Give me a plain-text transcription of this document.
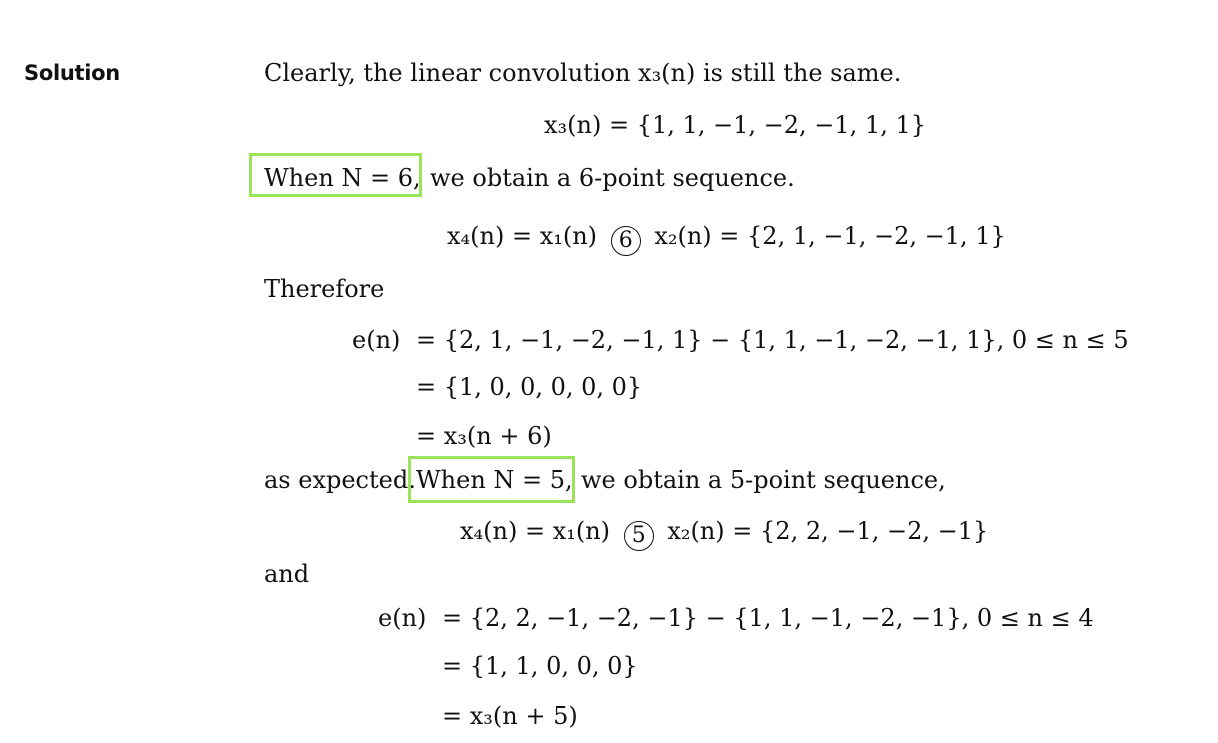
Solution	Clearly, the linear convolution x₃(n) is still the same.
x₃(n) = {1, 1, −1, −2, −1, 1, 1}
When N = 6, we obtain a 6-point sequence.
x₄(n) = x₁(n) 6 x₂(n) = {2, 1, −1, −2, −1, 1}
Therefore
e(n) = {2, 1, −1, −2, −1, 1} − {1, 1, −1, −2, −1, 1}, 0 ≤ n ≤ 5
= {1, 0, 0, 0, 0, 0}
= x₃(n + 6)
as expected. When N = 5, we obtain a 5-point sequence,
x₄(n) = x₁(n) 5 x₂(n) = {2, 2, −1, −2, −1}
and
e(n) = {2, 2, −1, −2, −1} − {1, 1, −1, −2, −1}, 0 ≤ n ≤ 4
= {1, 1, 0, 0, 0}
= x₃(n + 5)
